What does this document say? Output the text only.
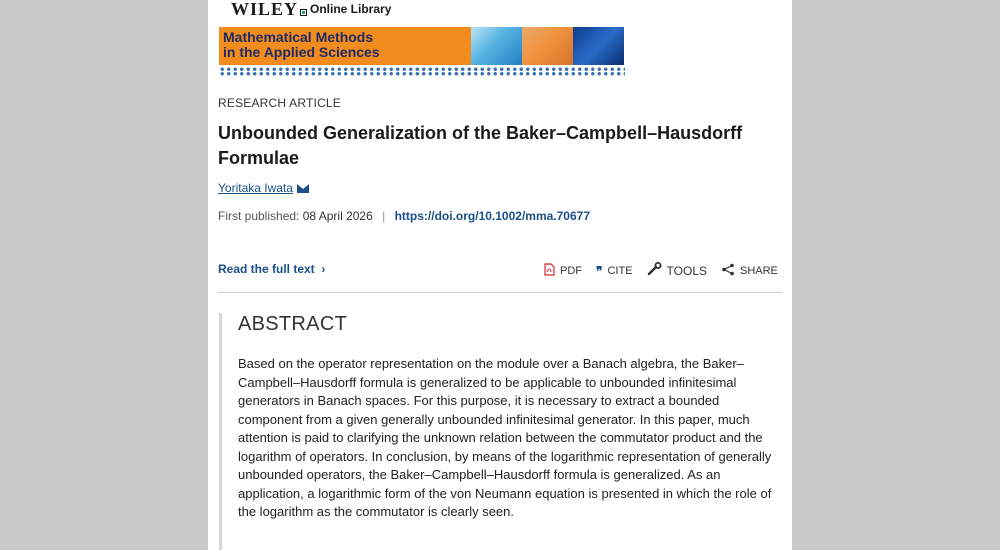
WILEY Online Library
Mathematical Methods
in the Applied Sciences
RESEARCH ARTICLE
Unbounded Generalization of the Baker–Campbell–Hausdorff Formulae
Yoritaka Iwata
First published: 08 April 2026 | https://doi.org/10.1002/mma.70677
Read the full text  ›	PDF ❞ CITE	TOOLS	SHARE
ABSTRACT

Based on the operator representation on the module over a Banach algebra, the Baker–Campbell–Hausdorff formula is generalized to be applicable to unbounded infinitesimal generators in Banach spaces. For this purpose, it is necessary to extract a bounded component from a given generally unbounded infinitesimal generator. In this paper, much attention is paid to clarifying the unknown relation between the commutator product and the logarithm of operators. In conclusion, by means of the logarithmic representation of generally unbounded operators, the Baker–Campbell–Hausdorff formula is generalized. As an application, a logarithmic form of the von Neumann equation is presented in which the role of the logarithm as the commutator is clearly seen.
